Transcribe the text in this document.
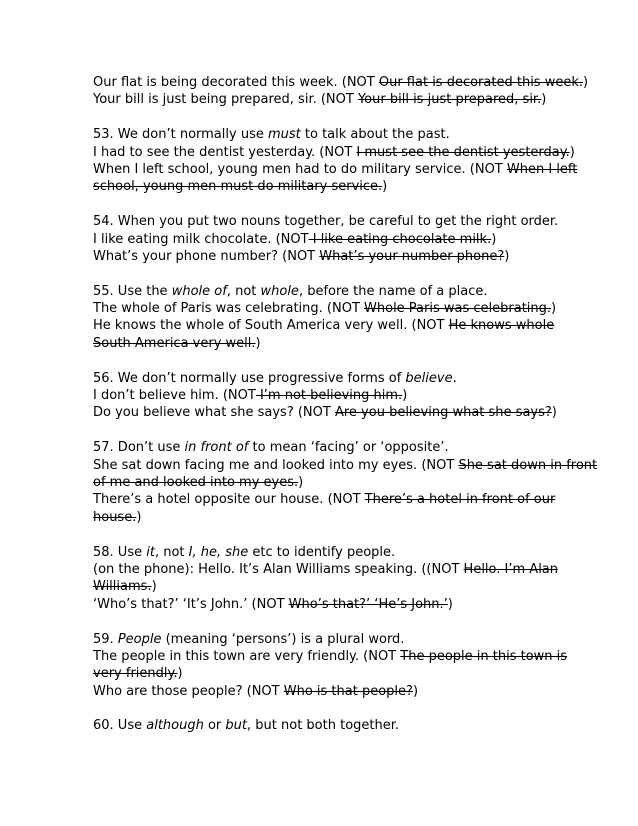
Our flat is being decorated this week. (NOT Our flat is decorated this week.)
Your bill is just being prepared, sir. (NOT Your bill is just prepared, sir.)
53. We don’t normally use must to talk about the past.
I had to see the dentist yesterday. (NOT I must see the dentist yesterday.)
When I left school, young men had to do military service. (NOT When I left
school, young men must do military service.)
54. When you put two nouns together, be careful to get the right order.
I like eating milk chocolate. (NOT I like eating chocolate milk.)
What’s your phone number? (NOT What’s your number phone?)
55. Use the whole of, not whole, before the name of a place.
The whole of Paris was celebrating. (NOT Whole Paris was celebrating.)
He knows the whole of South America very well. (NOT He knows whole
South America very well.)
56. We don’t normally use progressive forms of believe.
I don’t believe him. (NOT I’m not believing him.)
Do you believe what she says? (NOT Are you believing what she says?)
57. Don’t use in front of to mean ‘facing’ or ‘opposite’.
She sat down facing me and looked into my eyes. (NOT She sat down in front
of me and looked into my eyes.)
There’s a hotel opposite our house. (NOT There’s a hotel in front of our
house.)
58. Use it, not I, he, she etc to identify people.
(on the phone): Hello. It’s Alan Williams speaking. ((NOT Hello. I’m Alan
Williams.)
‘Who’s that?’ ‘It’s John.’ (NOT Who’s that?’ ‘He’s John.’)
59. People (meaning ‘persons’) is a plural word.
The people in this town are very friendly. (NOT The people in this town is
very friendly.)
Who are those people? (NOT Who is that people?)
60. Use although or but, but not both together.
